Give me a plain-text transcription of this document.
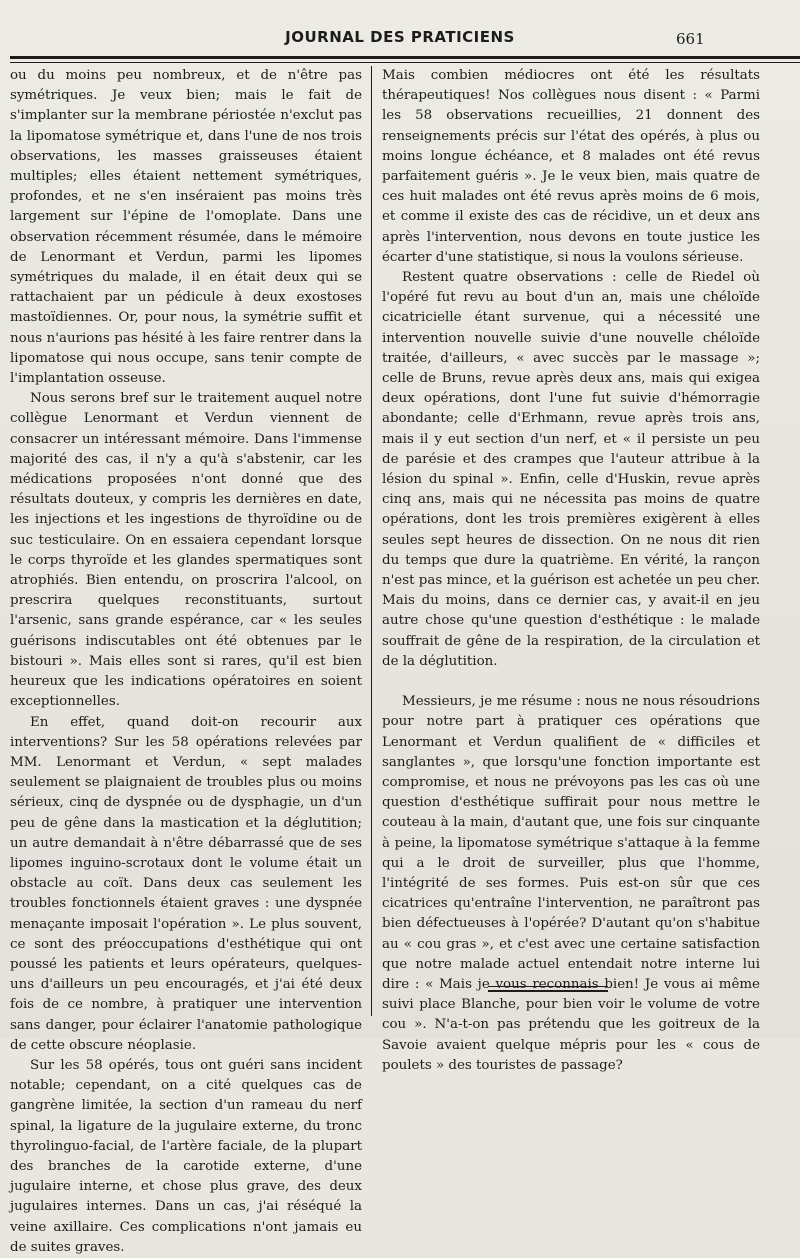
JOURNAL DES PRATICIENS	661

ou du moins peu nombreux, et de n'être pas symétriques. Je veux bien; mais le fait de s'implanter sur la membrane périostée n'exclut pas la lipomatose symétrique et, dans l'une de nos trois observations, les masses graisseuses étaient multiples; elles étaient nettement symétriques, profondes, et ne s'en inséraient pas moins très largement sur l'épine de l'omoplate. Dans une observation récemment résumée, dans le mémoire de Lenormant et Verdun, parmi les lipomes symétriques du malade, il en était deux qui se rattachaient par un pédicule à deux exostoses mastoïdiennes. Or, pour nous, la symétrie suffit et nous n'aurions pas hésité à les faire rentrer dans la lipomatose qui nous occupe, sans tenir compte de l'implantation osseuse.

Nous serons bref sur le traitement auquel notre collègue Lenormant et Verdun viennent de consacrer un intéressant mémoire. Dans l'immense majorité des cas, il n'y a qu'à s'abstenir, car les médications proposées n'ont donné que des résultats douteux, y compris les dernières en date, les injections et les ingestions de thyroïdine ou de suc testiculaire. On en essaiera cependant lorsque le corps thyroïde et les glandes spermatiques sont atrophiés. Bien entendu, on proscrira l'alcool, on prescrira quelques reconstituants, surtout l'arsenic, sans grande espérance, car « les seules guérisons indiscutables ont été obtenues par le bistouri ». Mais elles sont si rares, qu'il est bien heureux que les indications opératoires en soient exceptionnelles.

En effet, quand doit-on recourir aux interventions? Sur les 58 opérations relevées par MM. Lenormant et Verdun, « sept malades seulement se plaignaient de troubles plus ou moins sérieux, cinq de dyspnée ou de dysphagie, un d'un peu de gêne dans la mastication et la déglutition; un autre demandait à n'être débarrassé que de ses lipomes inguino-scrotaux dont le volume était un obstacle au coït. Dans deux cas seulement les troubles fonctionnels étaient graves : une dyspnée menaçante imposait l'opération ». Le plus souvent, ce sont des préoccupations d'esthétique qui ont poussé les patients et leurs opérateurs, quelques-uns d'ailleurs un peu encouragés, et j'ai été deux fois de ce nombre, à pratiquer une intervention sans danger, pour éclairer l'anatomie pathologique de cette obscure néoplasie.

Sur les 58 opérés, tous ont guéri sans incident notable; cependant, on a cité quelques cas de gangrène limitée, la section d'un rameau du nerf spinal, la ligature de la jugulaire externe, du tronc thyrolinguo-facial, de l'artère faciale, de la plupart des branches de la carotide externe, d'une jugulaire interne, et chose plus grave, des deux jugulaires internes. Dans un cas, j'ai réséqué la veine axillaire. Ces complications n'ont jamais eu de suites graves.

Mais combien médiocres ont été les résultats thérapeutiques! Nos collègues nous disent : « Parmi les 58 observations recueillies, 21 donnent des renseignements précis sur l'état des opérés, à plus ou moins longue échéance, et 8 malades ont été revus parfaitement guéris ». Je le veux bien, mais quatre de ces huit malades ont été revus après moins de 6 mois, et comme il existe des cas de récidive, un et deux ans après l'intervention, nous devons en toute justice les écarter d'une statistique, si nous la voulons sérieuse.

Restent quatre observations : celle de Riedel où l'opéré fut revu au bout d'un an, mais une chéloïde cicatricielle étant survenue, qui a nécessité une intervention nouvelle suivie d'une nouvelle chéloïde traitée, d'ailleurs, « avec succès par le massage »; celle de Bruns, revue après deux ans, mais qui exigea deux opérations, dont l'une fut suivie d'hémorragie abondante; celle d'Erhmann, revue après trois ans, mais il y eut section d'un nerf, et « il persiste un peu de parésie et des crampes que l'auteur attribue à la lésion du spinal ». Enfin, celle d'Huskin, revue après cinq ans, mais qui ne nécessita pas moins de quatre opérations, dont les trois premières exigèrent à elles seules sept heures de dissection. On ne nous dit rien du temps que dure la quatrième. En vérité, la rançon n'est pas mince, et la guérison est achetée un peu cher. Mais du moins, dans ce dernier cas, y avait-il en jeu autre chose qu'une question d'esthétique : le malade souffrait de gêne de la respiration, de la circulation et de la déglutition.

Messieurs, je me résume : nous ne nous résoudrions pour notre part à pratiquer ces opérations que Lenormant et Verdun qualifient de « difficiles et sanglantes », que lorsqu'une fonction importante est compromise, et nous ne prévoyons pas les cas où une question d'esthétique suffirait pour nous mettre le couteau à la main, d'autant que, une fois sur cinquante à peine, la lipomatose symétrique s'attaque à la femme qui a le droit de surveiller, plus que l'homme, l'intégrité de ses formes. Puis est-on sûr que ces cicatrices qu'entraîne l'intervention, ne paraîtront pas bien défectueuses à l'opérée? D'autant qu'on s'habitue au « cou gras », et c'est avec une certaine satisfaction que notre malade actuel entendait notre interne lui dire : « Mais je vous reconnais bien! Je vous ai même suivi place Blanche, pour bien voir le volume de votre cou ». N'a-t-on pas prétendu que les goitreux de la Savoie avaient quelque mépris pour les « cous de poulets » des touristes de passage?
